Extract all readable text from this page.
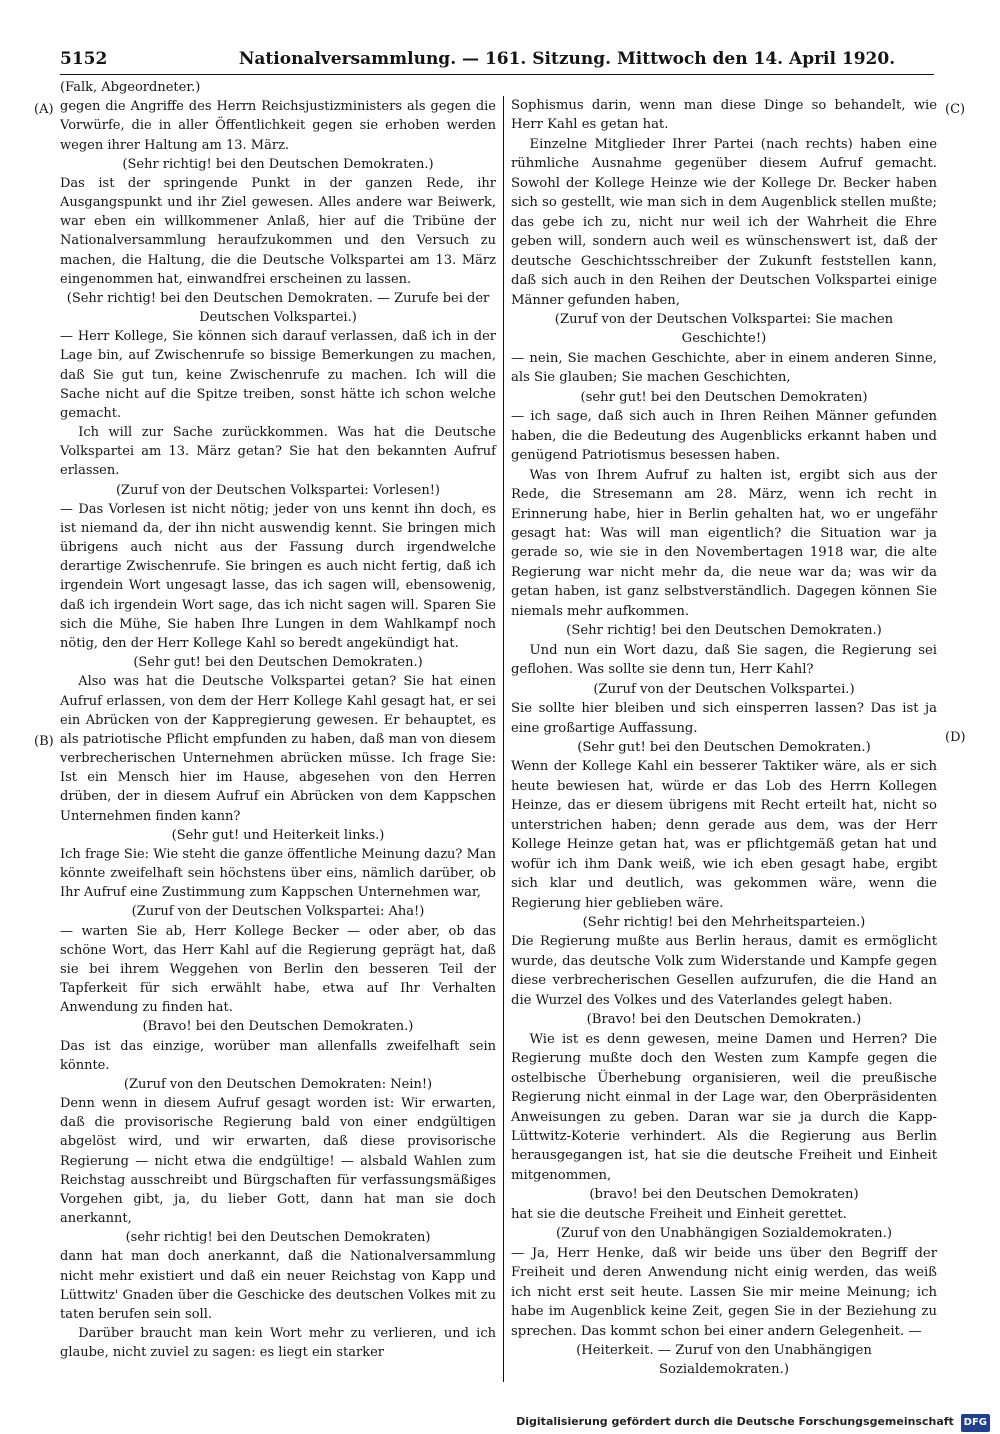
5152	Nationalversammlung. — 161. Sitzung. Mittwoch den 14. April 1920.
(A)
(B)
(C)
(D)

(Falk, Abgeordneter.)

gegen die Angriffe des Herrn Reichsjustizministers als gegen die Vorwürfe, die in aller Öffentlichkeit gegen sie erhoben werden wegen ihrer Haltung am 13. März.

(Sehr richtig! bei den Deutschen Demokraten.)

Das ist der springende Punkt in der ganzen Rede, ihr Ausgangspunkt und ihr Ziel gewesen. Alles andere war Beiwerk, war eben ein willkommener Anlaß, hier auf die Tribüne der Nationalversammlung heraufzukommen und den Versuch zu machen, die Haltung, die die Deutsche Volkspartei am 13. März eingenommen hat, einwandfrei erscheinen zu lassen.

(Sehr richtig! bei den Deutschen Demokraten. — Zurufe bei der Deutschen Volkspartei.)

— Herr Kollege, Sie können sich darauf verlassen, daß ich in der Lage bin, auf Zwischenrufe so bissige Bemerkungen zu machen, daß Sie gut tun, keine Zwischenrufe zu machen. Ich will die Sache nicht auf die Spitze treiben, sonst hätte ich schon welche gemacht.

Ich will zur Sache zurückkommen. Was hat die Deutsche Volkspartei am 13. März getan? Sie hat den bekannten Aufruf erlassen.

(Zuruf von der Deutschen Volkspartei: Vorlesen!)

— Das Vorlesen ist nicht nötig; jeder von uns kennt ihn doch, es ist niemand da, der ihn nicht auswendig kennt. Sie bringen mich übrigens auch nicht aus der Fassung durch irgendwelche derartige Zwischenrufe. Sie bringen es auch nicht fertig, daß ich irgendein Wort ungesagt lasse, das ich sagen will, ebensowenig, daß ich irgendein Wort sage, das ich nicht sagen will. Sparen Sie sich die Mühe, Sie haben Ihre Lungen in dem Wahlkampf noch nötig, den der Herr Kollege Kahl so beredt angekündigt hat.

(Sehr gut! bei den Deutschen Demokraten.)

Also was hat die Deutsche Volkspartei getan? Sie hat einen Aufruf erlassen, von dem der Herr Kollege Kahl gesagt hat, er sei ein Abrücken von der Kappregierung gewesen. Er behauptet, es als patriotische Pflicht empfunden zu haben, daß man von diesem verbrecherischen Unternehmen abrücken müsse. Ich frage Sie: Ist ein Mensch hier im Hause, abgesehen von den Herren drüben, der in diesem Aufruf ein Abrücken von dem Kappschen Unternehmen finden kann?

(Sehr gut! und Heiterkeit links.)

Ich frage Sie: Wie steht die ganze öffentliche Meinung dazu? Man könnte zweifelhaft sein höchstens über eins, nämlich darüber, ob Ihr Aufruf eine Zustimmung zum Kappschen Unternehmen war,

(Zuruf von der Deutschen Volkspartei: Aha!)

— warten Sie ab, Herr Kollege Becker — oder aber, ob das schöne Wort, das Herr Kahl auf die Regierung geprägt hat, daß sie bei ihrem Weggehen von Berlin den besseren Teil der Tapferkeit für sich erwählt habe, etwa auf Ihr Verhalten Anwendung zu finden hat.

(Bravo! bei den Deutschen Demokraten.)

Das ist das einzige, worüber man allenfalls zweifelhaft sein könnte.

(Zuruf von den Deutschen Demokraten: Nein!)

Denn wenn in diesem Aufruf gesagt worden ist: Wir erwarten, daß die provisorische Regierung bald von einer endgültigen abgelöst wird, und wir erwarten, daß diese provisorische Regierung — nicht etwa die endgültige! — alsbald Wahlen zum Reichstag ausschreibt und Bürgschaften für verfassungsmäßiges Vorgehen gibt, ja, du lieber Gott, dann hat man sie doch anerkannt,

(sehr richtig! bei den Deutschen Demokraten)

dann hat man doch anerkannt, daß die Nationalversammlung nicht mehr existiert und daß ein neuer Reichstag von Kapp und Lüttwitz' Gnaden über die Geschicke des deutschen Volkes mit zu taten berufen sein soll.

Darüber braucht man kein Wort mehr zu verlieren, und ich glaube, nicht zuviel zu sagen: es liegt ein starker

Sophismus darin, wenn man diese Dinge so behandelt, wie Herr Kahl es getan hat.

Einzelne Mitglieder Ihrer Partei (nach rechts) haben eine rühmliche Ausnahme gegenüber diesem Aufruf gemacht. Sowohl der Kollege Heinze wie der Kollege Dr. Becker haben sich so gestellt, wie man sich in dem Augenblick stellen mußte; das gebe ich zu, nicht nur weil ich der Wahrheit die Ehre geben will, sondern auch weil es wünschenswert ist, daß der deutsche Geschichtsschreiber der Zukunft feststellen kann, daß sich auch in den Reihen der Deutschen Volkspartei einige Männer gefunden haben,

(Zuruf von der Deutschen Volkspartei: Sie machen Geschichte!)

— nein, Sie machen Geschichte, aber in einem anderen Sinne, als Sie glauben; Sie machen Geschichten,

(sehr gut! bei den Deutschen Demokraten)

— ich sage, daß sich auch in Ihren Reihen Männer gefunden haben, die die Bedeutung des Augenblicks erkannt haben und genügend Patriotismus besessen haben.

Was von Ihrem Aufruf zu halten ist, ergibt sich aus der Rede, die Stresemann am 28. März, wenn ich recht in Erinnerung habe, hier in Berlin gehalten hat, wo er ungefähr gesagt hat: Was will man eigentlich? die Situation war ja gerade so, wie sie in den Novembertagen 1918 war, die alte Regierung war nicht mehr da, die neue war da; was wir da getan haben, ist ganz selbstverständlich. Dagegen können Sie niemals mehr aufkommen.

(Sehr richtig! bei den Deutschen Demokraten.)

Und nun ein Wort dazu, daß Sie sagen, die Regierung sei geflohen. Was sollte sie denn tun, Herr Kahl?

(Zuruf von der Deutschen Volkspartei.)

Sie sollte hier bleiben und sich einsperren lassen? Das ist ja eine großartige Auffassung.

(Sehr gut! bei den Deutschen Demokraten.)

Wenn der Kollege Kahl ein besserer Taktiker wäre, als er sich heute bewiesen hat, würde er das Lob des Herrn Kollegen Heinze, das er diesem übrigens mit Recht erteilt hat, nicht so unterstrichen haben; denn gerade aus dem, was der Herr Kollege Heinze getan hat, was er pflichtgemäß getan hat und wofür ich ihm Dank weiß, wie ich eben gesagt habe, ergibt sich klar und deutlich, was gekommen wäre, wenn die Regierung hier geblieben wäre.

(Sehr richtig! bei den Mehrheitsparteien.)

Die Regierung mußte aus Berlin heraus, damit es ermöglicht wurde, das deutsche Volk zum Widerstande und Kampfe gegen diese verbrecherischen Gesellen aufzurufen, die die Hand an die Wurzel des Volkes und des Vaterlandes gelegt haben.

(Bravo! bei den Deutschen Demokraten.)

Wie ist es denn gewesen, meine Damen und Herren? Die Regierung mußte doch den Westen zum Kampfe gegen die ostelbische Überhebung organisieren, weil die preußische Regierung nicht einmal in der Lage war, den Oberpräsidenten Anweisungen zu geben. Daran war sie ja durch die Kapp-Lüttwitz-Koterie verhindert. Als die Regierung aus Berlin herausgegangen ist, hat sie die deutsche Freiheit und Einheit mitgenommen,

(bravo! bei den Deutschen Demokraten)

hat sie die deutsche Freiheit und Einheit gerettet.

(Zuruf von den Unabhängigen Sozialdemokraten.)

— Ja, Herr Henke, daß wir beide uns über den Begriff der Freiheit und deren Anwendung nicht einig werden, das weiß ich nicht erst seit heute. Lassen Sie mir meine Meinung; ich habe im Augenblick keine Zeit, gegen Sie in der Beziehung zu sprechen. Das kommt schon bei einer andern Gelegenheit. —

(Heiterkeit. — Zuruf von den Unabhängigen Sozialdemokraten.)

Digitalisierung gefördert durch die Deutsche Forschungsgemeinschaft DFG
